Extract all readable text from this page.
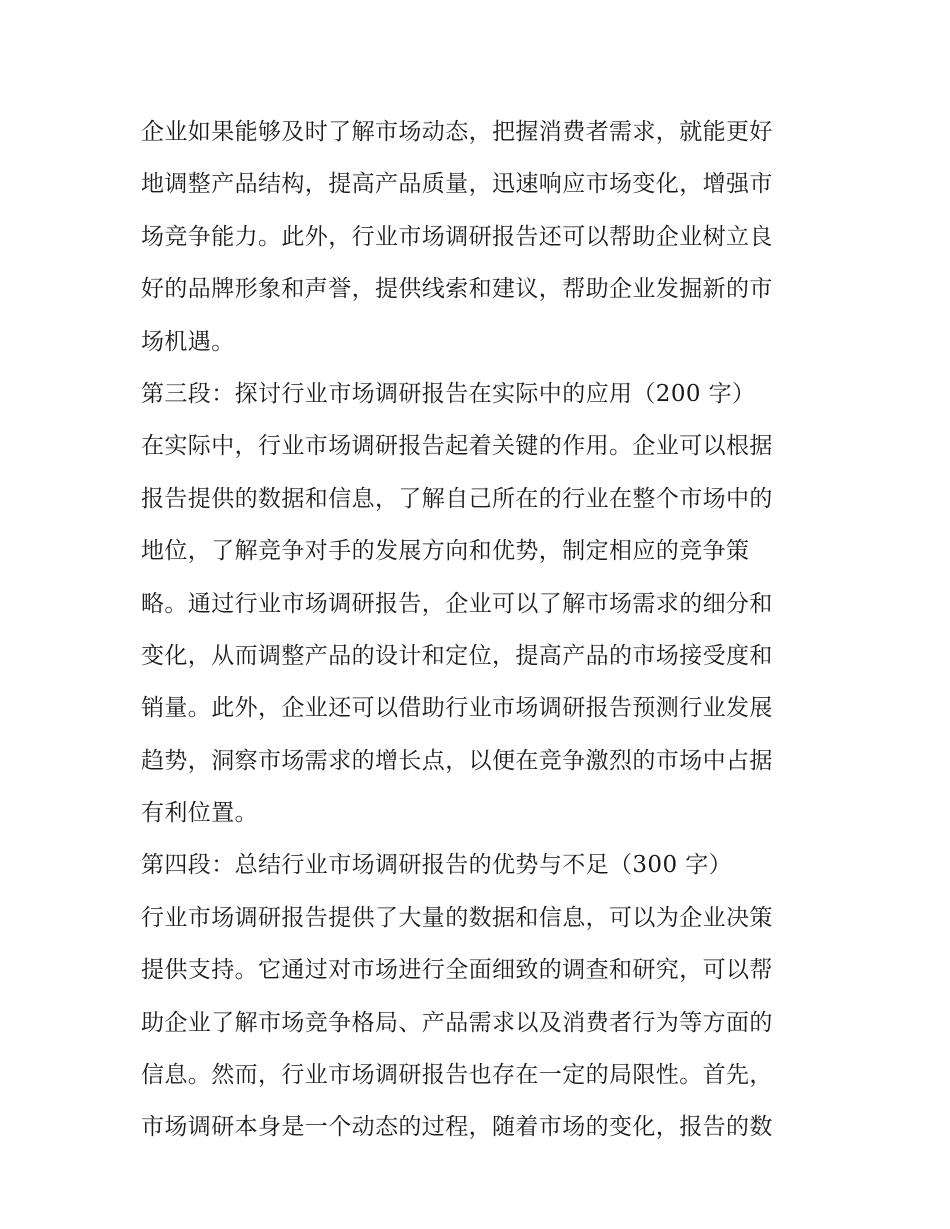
企业如果能够及时了解市场动态，把握消费者需求，就能更好
地调整产品结构，提高产品质量，迅速响应市场变化，增强市
场竞争能力。此外，行业市场调研报告还可以帮助企业树立良
好的品牌形象和声誉，提供线索和建议，帮助企业发掘新的市
场机遇。
第三段：探讨行业市场调研报告在实际中的应用（200 字）
在实际中，行业市场调研报告起着关键的作用。企业可以根据
报告提供的数据和信息，了解自己所在的行业在整个市场中的
地位，了解竞争对手的发展方向和优势，制定相应的竞争策
略。通过行业市场调研报告，企业可以了解市场需求的细分和
变化，从而调整产品的设计和定位，提高产品的市场接受度和
销量。此外，企业还可以借助行业市场调研报告预测行业发展
趋势，洞察市场需求的增长点，以便在竞争激烈的市场中占据
有利位置。
第四段：总结行业市场调研报告的优势与不足（300 字）
行业市场调研报告提供了大量的数据和信息，可以为企业决策
提供支持。它通过对市场进行全面细致的调查和研究，可以帮
助企业了解市场竞争格局、产品需求以及消费者行为等方面的
信息。然而，行业市场调研报告也存在一定的局限性。首先，
市场调研本身是一个动态的过程，随着市场的变化，报告的数
